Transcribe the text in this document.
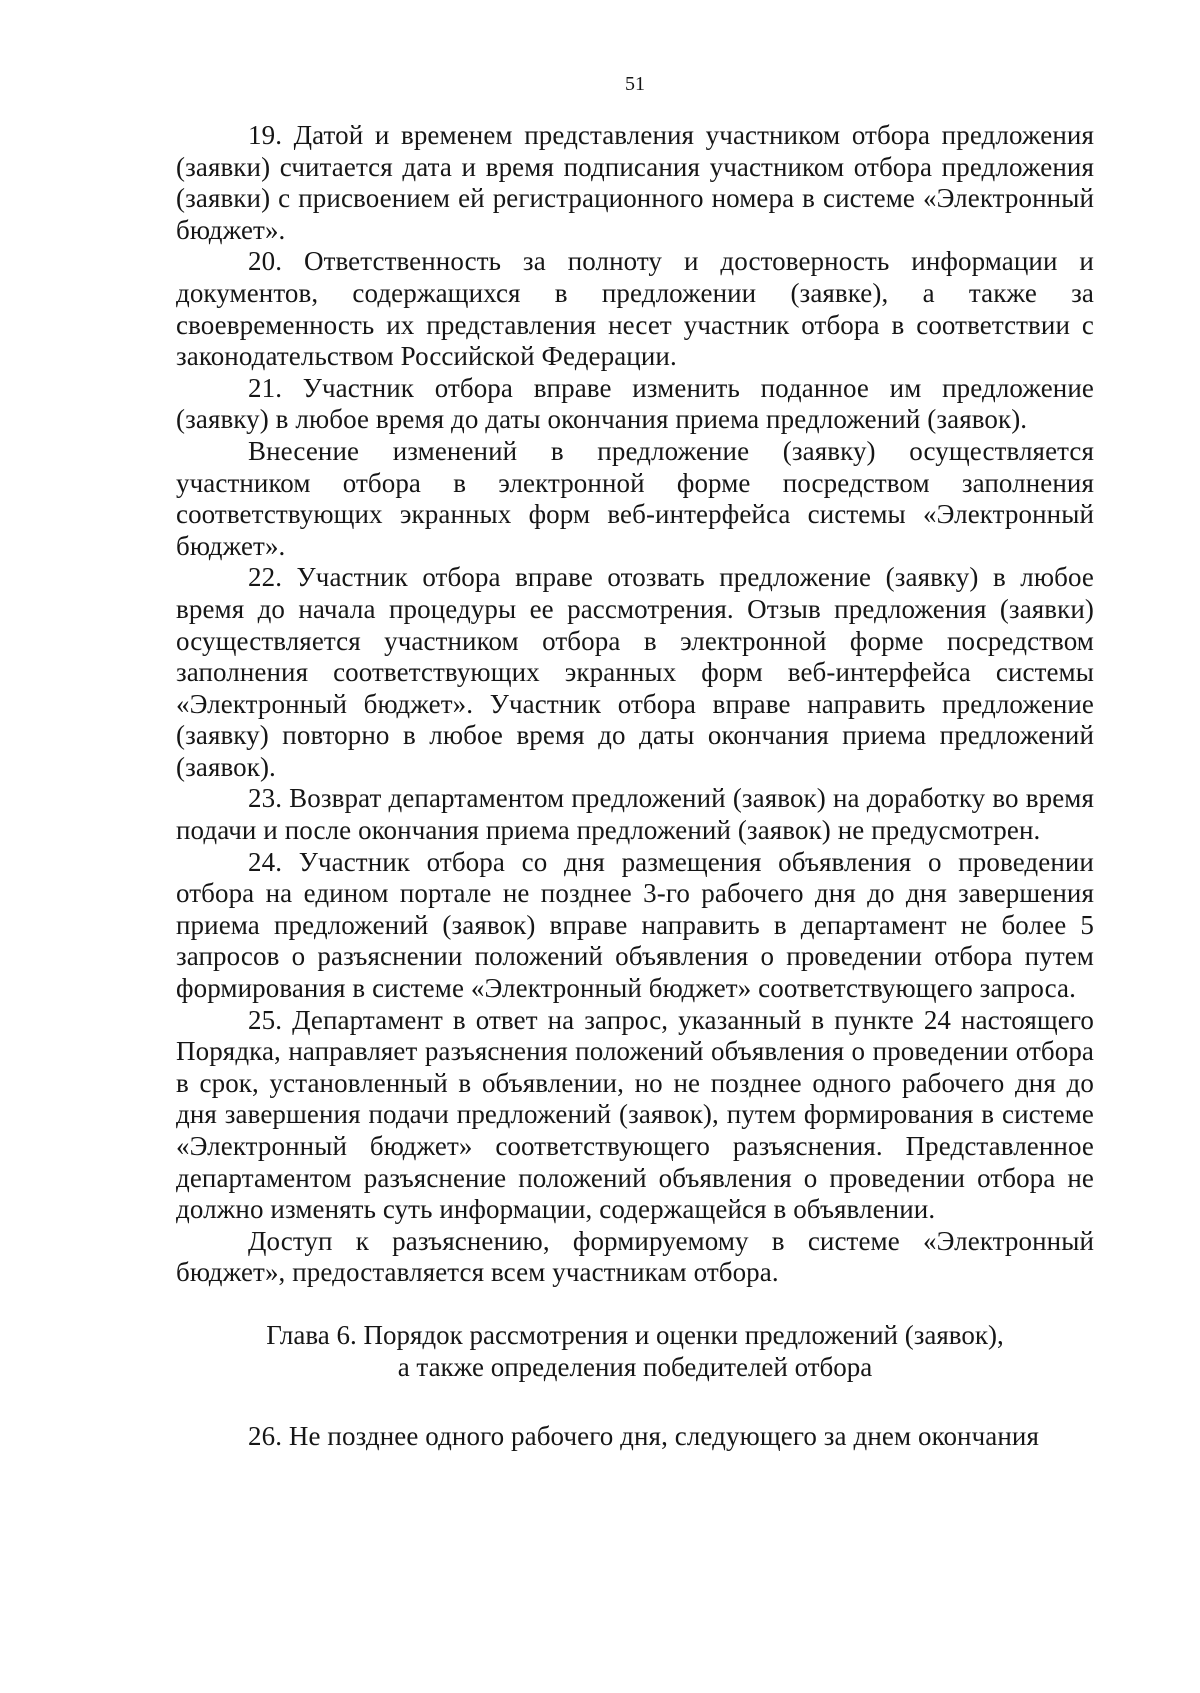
51

19. Датой и временем представления участником отбора предложения (заявки) считается дата и время подписания участником отбора предложения (заявки) с присвоением ей регистрационного номера в системе «Электронный бюджет».

20. Ответственность за полноту и достоверность информации и документов, содержащихся в предложении (заявке), а также за своевременность их представления несет участник отбора в соответствии с законодательством Российской Федерации.

21. Участник отбора вправе изменить поданное им предложение (заявку) в любое время до даты окончания приема предложений (заявок).

Внесение изменений в предложение (заявку) осуществляется участником отбора в электронной форме посредством заполнения соответствующих экранных форм веб-интерфейса системы «Электронный бюджет».

22. Участник отбора вправе отозвать предложение (заявку) в любое время до начала процедуры ее рассмотрения. Отзыв предложения (заявки) осуществляется участником отбора в электронной форме посредством заполнения соответствующих экранных форм веб-интерфейса системы «Электронный бюджет». Участник отбора вправе направить предложение (заявку) повторно в любое время до даты окончания приема предложений (заявок).

23. Возврат департаментом предложений (заявок) на доработку во время подачи и после окончания приема предложений (заявок) не предусмотрен.

24. Участник отбора со дня размещения объявления о проведении отбора на едином портале не позднее 3-го рабочего дня до дня завершения приема предложений (заявок) вправе направить в департамент не более 5 запросов о разъяснении положений объявления о проведении отбора путем формирования в системе «Электронный бюджет» соответствующего запроса.

25. Департамент в ответ на запрос, указанный в пункте 24 настоящего Порядка, направляет разъяснения положений объявления о проведении отбора в срок, установленный в объявлении, но не позднее одного рабочего дня до дня завершения подачи предложений (заявок), путем формирования в системе «Электронный бюджет» соответствующего разъяснения. Представленное департаментом разъяснение положений объявления о проведении отбора не должно изменять суть информации, содержащейся в объявлении.

Доступ к разъяснению, формируемому в системе «Электронный бюджет», предоставляется всем участникам отбора.

Глава 6. Порядок рассмотрения и оценки предложений (заявок),
а также определения победителей отбора

26. Не позднее одного рабочего дня, следующего за днем окончания
